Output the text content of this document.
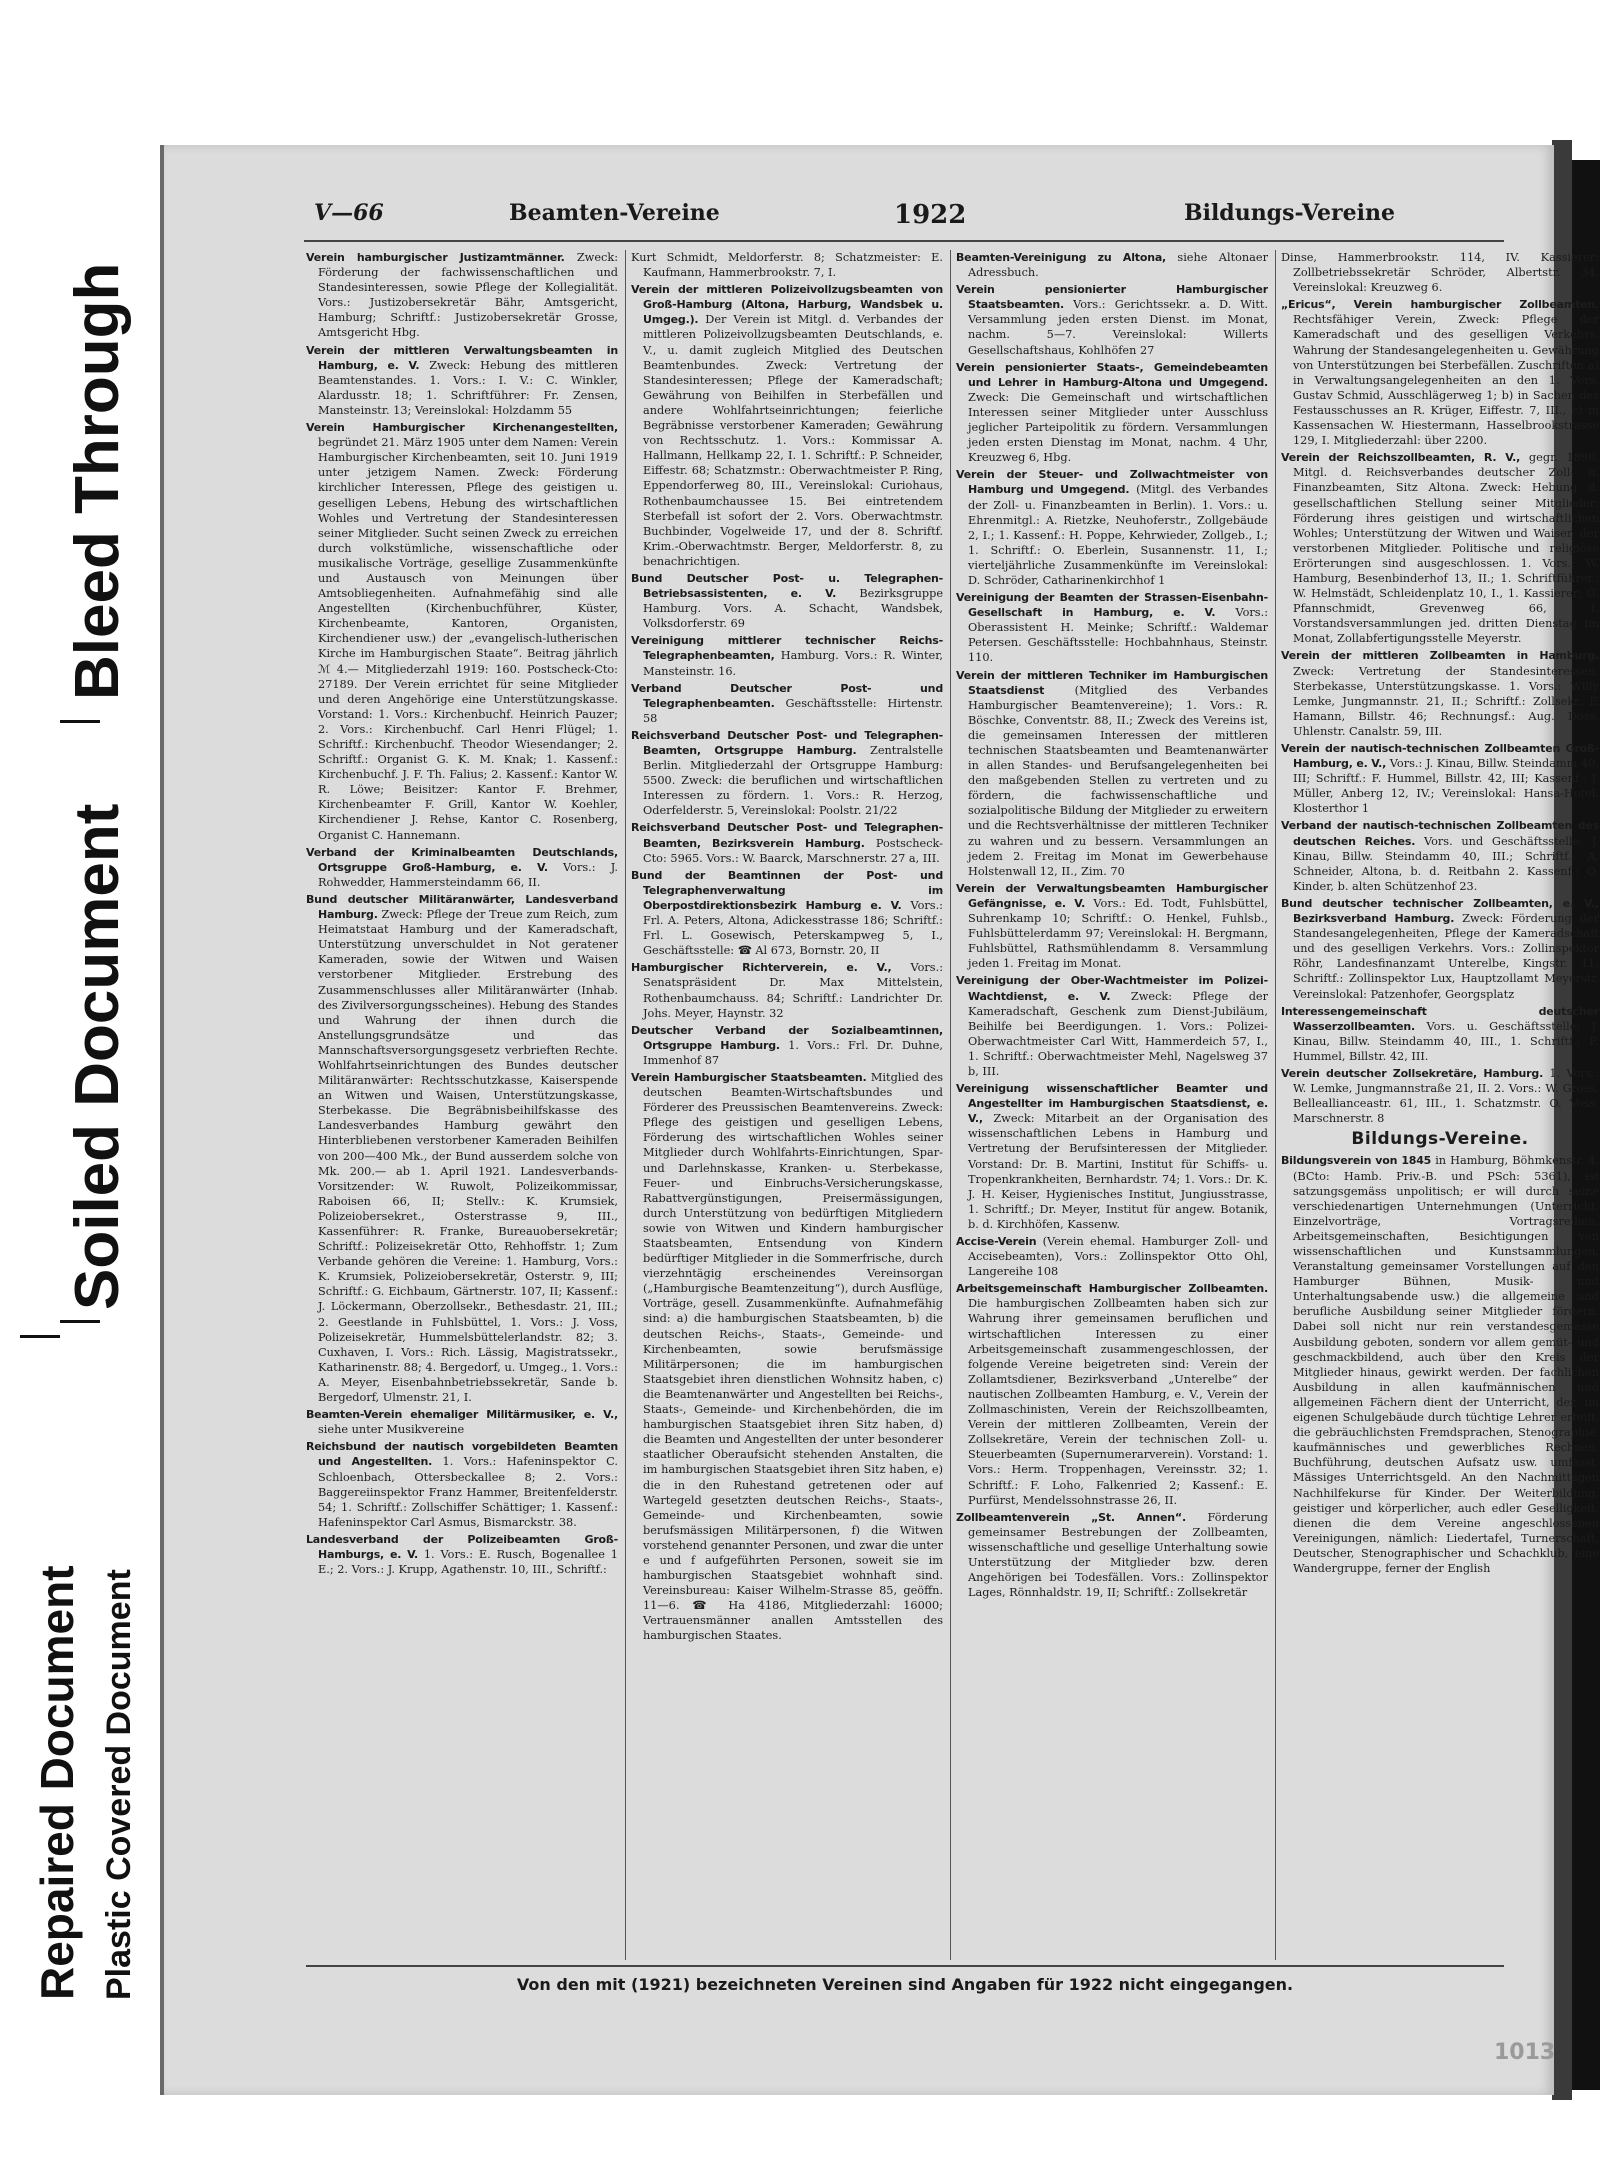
Bleed Through
Soiled Document
Repaired Document Plastic Covered Document
V—66	Beamten-Vereine	1922	Bildungs-Vereine
Verein hamburgischer Justizamtmänner. Zweck: Förderung der fachwissenschaftlichen und Standesinteressen, sowie Pflege der Kollegialität. Vors.: Justizobersekretär Bähr, Amtsgericht, Hamburg; Schriftf.: Justizobersekretär Grosse, Amtsgericht Hbg.
Verein der mittleren Verwaltungsbeamten in Hamburg, e. V. Zweck: Hebung des mittleren Beamtenstandes. 1. Vors.: I. V.: C. Winkler, Alardusstr. 18; 1. Schriftführer: Fr. Zensen, Mansteinstr. 13; Vereinslokal: Holzdamm 55
Verein Hamburgischer Kirchenangestellten, begründet 21. März 1905 unter dem Namen: Verein Hamburgischer Kirchenbeamten, seit 10. Juni 1919 unter jetzigem Namen. Zweck: Förderung kirchlicher Interessen, Pflege des geistigen u. geselligen Lebens, Hebung des wirtschaftlichen Wohles und Vertretung der Standesinteressen seiner Mitglieder. Sucht seinen Zweck zu erreichen durch volkstümliche, wissenschaftliche oder musikalische Vorträge, gesellige Zusammenkünfte und Austausch von Meinungen über Amtsobliegenheiten. Aufnahmefähig sind alle Angestellten (Kirchenbuchführer, Küster, Kirchenbeamte, Kantoren, Organisten, Kirchendiener usw.) der „evangelisch-lutherischen Kirche im Hamburgischen Staate“. Beitrag jährlich ℳ 4.— Mitgliederzahl 1919: 160. Postscheck-Cto: 27189. Der Verein errichtet für seine Mitglieder und deren Angehörige eine Unterstützungskasse. Vorstand: 1. Vors.: Kirchenbuchf. Heinrich Pauzer; 2. Vors.: Kirchenbuchf. Carl Henri Flügel; 1. Schriftf.: Kirchenbuchf. Theodor Wiesendanger; 2. Schriftf.: Organist G. K. M. Knak; 1. Kassenf.: Kirchenbuchf. J. F. Th. Falius; 2. Kassenf.: Kantor W. R. Löwe; Beisitzer: Kantor F. Brehmer, Kirchenbeamter F. Grill, Kantor W. Koehler, Kirchendiener J. Rehse, Kantor C. Rosenberg, Organist C. Hannemann.
Verband der Kriminalbeamten Deutschlands, Ortsgruppe Groß-Hamburg, e. V. Vors.: J. Rohwedder, Hammersteindamm 66, II.
Bund deutscher Militäranwärter, Landesverband Hamburg. Zweck: Pflege der Treue zum Reich, zum Heimatstaat Hamburg und der Kameradschaft, Unterstützung unverschuldet in Not geratener Kameraden, sowie der Witwen und Waisen verstorbener Mitglieder. Erstrebung des Zusammenschlusses aller Militäranwärter (Inhab. des Zivilversorgungsscheines). Hebung des Standes und Wahrung der ihnen durch die Anstellungsgrundsätze und das Mannschaftsversorgungsgesetz verbrieften Rechte. Wohlfahrtseinrichtungen des Bundes deutscher Militäranwärter: Rechtsschutzkasse, Kaiserspende an Witwen und Waisen, Unterstützungskasse, Sterbekasse. Die Begräbnisbeihilfskasse des Landesverbandes Hamburg gewährt den Hinterbliebenen verstorbener Kameraden Beihilfen von 200—400 Mk., der Bund ausserdem solche von Mk. 200.— ab 1. April 1921. Landesverbands-Vorsitzender: W. Ruwolt, Polizeikommissar, Raboisen 66, II; Stellv.: K. Krumsiek, Polizeiobersekret., Osterstrasse 9, III., Kassenführer: R. Franke, Bureauobersekretär; Schriftf.: Polizeisekretär Otto, Rehhoffstr. 1; Zum Verbande gehören die Vereine: 1. Hamburg, Vors.: K. Krumsiek, Polizeiobersekretär, Osterstr. 9, III; Schriftf.: G. Eichbaum, Gärtnerstr. 107, II; Kassenf.: J. Löckermann, Oberzollsekr., Bethesdastr. 21, III.; 2. Geestlande in Fuhlsbüttel, 1. Vors.: J. Voss, Polizeisekretär, Hummelsbüttelerlandstr. 82; 3. Cuxhaven, I. Vors.: Rich. Lässig, Magistratssekr., Katharinenstr. 88; 4. Bergedorf, u. Umgeg., 1. Vors.: A. Meyer, Eisenbahnbetriebssekretär, Sande b. Bergedorf, Ulmenstr. 21, I.
Beamten-Verein ehemaliger Militärmusiker, e. V., siehe unter Musikvereine
Reichsbund der nautisch vorgebildeten Beamten und Angestellten. 1. Vors.: Hafeninspektor C. Schloenbach, Ottersbeckallee 8; 2. Vors.: Baggereiinspektor Franz Hammer, Breitenfelderstr. 54; 1. Schriftf.: Zollschiffer Schättiger; 1. Kassenf.: Hafeninspektor Carl Asmus, Bismarckstr. 38.
Landesverband der Polizeibeamten Groß-Hamburgs, e. V. 1. Vors.: E. Rusch, Bogenallee 1 E.; 2. Vors.: J. Krupp, Agathenstr. 10, III., Schriftf.:
Kurt Schmidt, Meldorferstr. 8; Schatzmeister: E. Kaufmann, Hammerbrookstr. 7, I.
Verein der mittleren Polizeivollzugsbeamten von Groß-Hamburg (Altona, Harburg, Wandsbek u. Umgeg.). Der Verein ist Mitgl. d. Verbandes der mittleren Polizeivollzugsbeamten Deutschlands, e. V., u. damit zugleich Mitglied des Deutschen Beamtenbundes. Zweck: Vertretung der Standesinteressen; Pflege der Kameradschaft; Gewährung von Beihilfen in Sterbefällen und andere Wohlfahrtseinrichtungen; feierliche Begräbnisse verstorbener Kameraden; Gewährung von Rechtsschutz. 1. Vors.: Kommissar A. Hallmann, Hellkamp 22, I. 1. Schriftf.: P. Schneider, Eiffestr. 68; Schatzmstr.: Oberwachtmeister P. Ring, Eppendorferweg 80, III., Vereinslokal: Curiohaus, Rothenbaumchaussee 15. Bei eintretendem Sterbefall ist sofort der 2. Vors. Oberwachtmstr. Buchbinder, Vogelweide 17, und der 8. Schriftf. Krim.-Oberwachtmstr. Berger, Meldorferstr. 8, zu benachrichtigen.
Bund Deutscher Post- u. Telegraphen-Betriebsassistenten, e. V. Bezirksgruppe Hamburg. Vors. A. Schacht, Wandsbek, Volksdorferstr. 69
Vereinigung mittlerer technischer Reichs-Telegraphenbeamten, Hamburg. Vors.: R. Winter, Mansteinstr. 16.
Verband Deutscher Post- und Telegraphenbeamten. Geschäftsstelle: Hirtenstr. 58
Reichsverband Deutscher Post- und Telegraphen-Beamten, Ortsgruppe Hamburg. Zentralstelle Berlin. Mitgliederzahl der Ortsgruppe Hamburg: 5500. Zweck: die beruflichen und wirtschaftlichen Interessen zu fördern. 1. Vors.: R. Herzog, Oderfelderstr. 5, Vereinslokal: Poolstr. 21/22
Reichsverband Deutscher Post- und Telegraphen-Beamten, Bezirksverein Hamburg. Postscheck-Cto: 5965. Vors.: W. Baarck, Marschnerstr. 27 a, III.
Bund der Beamtinnen der Post- und Telegraphenverwaltung im Oberpostdirektionsbezirk Hamburg e. V. Vors.: Frl. A. Peters, Altona, Adickesstrasse 186; Schriftf.: Frl. L. Gosewisch, Peterskampweg 5, I., Geschäftsstelle: ☎ Al 673, Bornstr. 20, II
Hamburgischer Richterverein, e. V., Vors.: Senatspräsident Dr. Max Mittelstein, Rothenbaumchauss. 84; Schriftf.: Landrichter Dr. Johs. Meyer, Haynstr. 32
Deutscher Verband der Sozialbeamtinnen, Ortsgruppe Hamburg. 1. Vors.: Frl. Dr. Duhne, Immenhof 87
Verein Hamburgischer Staatsbeamten. Mitglied des deutschen Beamten-Wirtschaftsbundes und Förderer des Preussischen Beamtenvereins. Zweck: Pflege des geistigen und geselligen Lebens, Förderung des wirtschaftlichen Wohles seiner Mitglieder durch Wohlfahrts-Einrichtungen, Spar- und Darlehnskasse, Kranken- u. Sterbekasse, Feuer- und Einbruchs-Versicherungskasse, Rabattvergünstigungen, Preisermässigungen, durch Unterstützung von bedürftigen Mitgliedern sowie von Witwen und Kindern hamburgischer Staatsbeamten, Entsendung von Kindern bedürftiger Mitglieder in die Sommerfrische, durch vierzehntägig erscheinendes Vereinsorgan („Hamburgische Beamtenzeitung“), durch Ausflüge, Vorträge, gesell. Zusammenkünfte. Aufnahmefähig sind: a) die hamburgischen Staatsbeamten, b) die deutschen Reichs-, Staats-, Gemeinde- und Kirchenbeamten, sowie berufsmässige Militärpersonen; die im hamburgischen Staatsgebiet ihren dienstlichen Wohnsitz haben, c) die Beamtenanwärter und Angestellten bei Reichs-, Staats-, Gemeinde- und Kirchenbehörden, die im hamburgischen Staatsgebiet ihren Sitz haben, d) die Beamten und Angestellten der unter besonderer staatlicher Oberaufsicht stehenden Anstalten, die im hamburgischen Staatsgebiet ihren Sitz haben, e) die in den Ruhestand getretenen oder auf Wartegeld gesetzten deutschen Reichs-, Staats-, Gemeinde- und Kirchenbeamten, sowie berufsmässigen Militärpersonen, f) die Witwen vorstehend genannter Personen, und zwar die unter e und f aufgeführten Personen, soweit sie im hamburgischen Staatsgebiet wohnhaft sind. Vereinsbureau: Kaiser Wilhelm-Strasse 85, geöffn. 11—6. ☎ Ha 4186, Mitgliederzahl: 16000; Vertrauensmänner anallen Amtsstellen des hamburgischen Staates.
Beamten-Vereinigung zu Altona, siehe Altonaer Adressbuch.
Verein pensionierter Hamburgischer Staatsbeamten. Vors.: Gerichtssekr. a. D. Witt. Versammlung jeden ersten Dienst. im Monat, nachm. 5—7. Vereinslokal: Willerts Gesellschaftshaus, Kohlhöfen 27
Verein pensionierter Staats-, Gemeindebeamten und Lehrer in Hamburg-Altona und Umgegend. Zweck: Die Gemeinschaft und wirtschaftlichen Interessen seiner Mitglieder unter Ausschluss jeglicher Parteipolitik zu fördern. Versammlungen jeden ersten Dienstag im Monat, nachm. 4 Uhr, Kreuzweg 6, Hbg.
Verein der Steuer- und Zollwachtmeister von Hamburg und Umgegend. (Mitgl. des Verbandes der Zoll- u. Finanzbeamten in Berlin). 1. Vors.: u. Ehrenmitgl.: A. Rietzke, Neuhoferstr., Zollgebäude 2, I.; 1. Kassenf.: H. Poppe, Kehrwieder, Zollgeb., I.; 1. Schriftf.: O. Eberlein, Susannenstr. 11, I.; vierteljährliche Zusammenkünfte im Vereinslokal: D. Schröder, Catharinenkirchhof 1
Vereinigung der Beamten der Strassen-Eisenbahn-Gesellschaft in Hamburg, e. V. Vors.: Oberassistent H. Meinke; Schriftf.: Waldemar Petersen. Geschäftsstelle: Hochbahnhaus, Steinstr. 110.
Verein der mittleren Techniker im Hamburgischen Staatsdienst	(Mitglied des Verbandes Hamburgischer Beamtenvereine); 1. Vors.: R. Böschke, Conventstr. 88, II.; Zweck des Vereins ist, die gemeinsamen Interessen der mittleren technischen Staatsbeamten und Beamtenanwärter in allen Standes- und Berufsangelegenheiten bei den maßgebenden Stellen zu vertreten und zu fördern, die fachwissenschaftliche und sozialpolitische Bildung der Mitglieder zu erweitern und die Rechtsverhältnisse der mittleren Techniker zu wahren und zu bessern. Versammlungen an jedem 2. Freitag im Monat im Gewerbehause Holstenwall 12, II., Zim. 70
Verein der Verwaltungsbeamten Hamburgischer Gefängnisse, e. V. Vors.: Ed. Todt, Fuhlsbüttel, Suhrenkamp 10; Schriftf.: O. Henkel, Fuhlsb., Fuhlsbüttelerdamm 97; Vereinslokal: H. Bergmann, Fuhlsbüttel, Rathsmühlendamm 8. Versammlung jeden 1. Freitag im Monat.
Vereinigung der Ober-Wachtmeister im Polizei-Wachtdienst, e. V. Zweck: Pflege der Kameradschaft, Geschenk zum Dienst-Jubiläum, Beihilfe bei Beerdigungen. 1. Vors.: Polizei-Oberwachtmeister Carl Witt, Hammerdeich 57, I., 1. Schriftf.: Oberwachtmeister Mehl, Nagelsweg 37 b, III.
Vereinigung wissenschaftlicher Beamter und Angestellter im Hamburgischen Staatsdienst, e. V., Zweck: Mitarbeit an der Organisation des wissenschaftlichen Lebens in Hamburg und Vertretung der Berufsinteressen der Mitglieder. Vorstand: Dr. B. Martini, Institut für Schiffs- u. Tropenkrankheiten, Bernhardstr. 74; 1. Vors.: Dr. K. J. H. Keiser, Hygienisches Institut, Jungiusstrasse, 1. Schriftf.; Dr. Meyer, Institut für angew. Botanik, b. d. Kirchhöfen, Kassenw.
Accise-Verein (Verein ehemal. Hamburger Zoll- und Accisebeamten), Vors.: Zollinspektor Otto Ohl, Langereihe 108
Arbeitsgemeinschaft Hamburgischer Zollbeamten. Die hamburgischen Zollbeamten haben sich zur Wahrung ihrer gemeinsamen beruflichen und wirtschaftlichen Interessen zu einer Arbeitsgemeinschaft zusammengeschlossen, der folgende Vereine beigetreten sind: Verein der Zollamtsdiener, Bezirksverband „Unterelbe“ der nautischen Zollbeamten Hamburg, e. V., Verein der Zollmaschinisten, Verein der Reichszollbeamten, Verein der mittleren Zollbeamten, Verein der Zollsekretäre, Verein der technischen Zoll- u. Steuerbeamten (Supernumerarverein). Vorstand: 1. Vors.: Herm. Troppenhagen, Vereinsstr. 32; 1. Schriftf.: F. Loho, Falkenried 2; Kassenf.: E. Purfürst, Mendelssohnstrasse 26, II.
Zollbeamtenverein „St. Annen“. Förderung gemeinsamer Bestrebungen der Zollbeamten, wissenschaftliche und gesellige Unterhaltung sowie Unterstützung der Mitglieder bzw. deren Angehörigen bei Todesfällen. Vors.: Zollinspektor Lages, Rönnhaldstr. 19, II; Schriftf.: Zollsekretär
Dinse, Hammerbrookstr. 114, IV. Kassierer: Zollbetriebssekretär Schröder, Albertstr. 34, Vereinslokal: Kreuzweg 6.
„Ericus“, Verein hamburgischer Zollbeamten. Rechtsfähiger Verein, Zweck: Pflege der Kameradschaft und des geselligen Verkehrs, Wahrung der Standesangelegenheiten u. Gewährung von Unterstützungen bei Sterbefällen. Zuschriften a) in Verwaltungsangelegenheiten an den 1. Vors. Gustav Schmid, Ausschlägerweg 1; b) in Sachen des Festausschusses an R. Krüger, Eiffestr. 7, III., c) in Kassensachen W. Hiestermann, Hasselbrookstrasse 129, I. Mitgliederzahl: über 2200.
Verein der Reichszollbeamten, R. V., gegr. 1898. Mitgl. d. Reichsverbandes deutscher Zoll- u. Finanzbeamten, Sitz Altona. Zweck: Hebung d. gesellschaftlichen Stellung seiner Mitglieder; Förderung ihres geistigen und wirtschaftlichen Wohles; Unterstützung der Witwen und Waisen der verstorbenen Mitglieder. Politische und religiöse Erörterungen sind ausgeschlossen. 1. Vors.: W. Hamburg, Besenbinderhof 13, II.; 1. Schriftführer.: W. Helmstädt, Schleidenplatz 10, I., 1. Kassierer: G. Pfannschmidt, Grevenweg 66, I. Vorstandsversammlungen jed. dritten Dienstag im Monat, Zollabfertigungsstelle Meyerstr.
Verein der mittleren Zollbeamten in Hamburg. Zweck: Vertretung der Standesinteressen, Sterbekasse, Unterstützungskasse. 1. Vors.: Willy Lemke, Jungmannstr. 21, II.; Schriftf.: Zollsekr. F. Hamann, Billstr. 46; Rechnungsf.: Aug. Doss, Uhlenstr. Canalstr. 59, III.
Verein der nautisch-technischen Zollbeamten Groß-Hamburg, e. V., Vors.: J. Kinau, Billw. Steindamm 40, III; Schriftf.: F. Hummel, Billstr. 42, III; Kassenf.: J. Müller, Anberg 12, IV.; Vereinslokal: Hansa-Hotel, Klosterthor 1
Verband der nautisch-technischen Zollbeamten des deutschen Reiches. Vors. und Geschäftsstelle: J. Kinau, Billw. Steindamm 40, III.; Schriftf.: A. Schneider, Altona, b. d. Reitbahn 2. Kassenf.: O. Kinder, b. alten Schützenhof 23.
Bund deutscher technischer Zollbeamten, e. V., Bezirksverband Hamburg. Zweck: Förderung der Standesangelegenheiten, Pflege der Kameradschaft und des geselligen Verkehrs. Vors.: Zollinspektor Röhr, Landesfinanzamt Unterelbe, Kingstr. 11; Schriftf.: Zollinspektor Lux, Hauptzollamt Meyerstr. Vereinslokal: Patzenhofer, Georgsplatz
Interessengemeinschaft deutscher Wasserzollbeamten. Vors. u. Geschäftsstelle: J. Kinau, Billw. Steindamm 40, III., 1. Schriftf.: F. Hummel, Billstr. 42, III.
Verein deutscher Zollsekretäre, Hamburg. 1. Vors.: W. Lemke, Jungmannstraße 21, II. 2. Vors.: W. Gross, Belleallianceastr. 61, III., 1. Schatzmstr. O. Voss, Marschnerstr. 8
Bildungs-Vereine.
Bildungsverein von 1845 in Hamburg, Böhmkenstr. 4, (BCto: Hamb. Priv.-B. und PSch: 5361), ist satzungsgemäss unpolitisch; er will durch seine verschiedenartigen Unternehmungen (Unterricht, Einzelvorträge, Vortragsreihen, Arbeitsgemeinschaften, Besichtigungen von wissenschaftlichen und Kunstsammlungen, Veranstaltung gemeinsamer Vorstellungen auf den Hamburger Bühnen, Musik- und Unterhaltungsabende usw.) die allgemeine und berufliche Ausbildung seiner Mitglieder fördern. Dabei soll nicht nur rein verstandesgemässe Ausbildung geboten, sondern vor allem gemüt- und geschmackbildend, auch über den Kreis der Mitglieder hinaus, gewirkt werden. Der fachlichen Ausbildung in allen kaufmännischen und allgemeinen Fächern dient der Unterricht, der, im eigenen Schulgebäude durch tüchtige Lehrer erteilt, die gebräuchlichsten Fremdsprachen, Stenographie, kaufmännisches und gewerbliches Rechnen, Buchführung, deutschen Aufsatz usw. umfasst. Mässiges Unterrichtsgeld. An den Nachmittagen Nachhilfekurse für Kinder. Der Weiterbildung, geistiger und körperlicher, auch edler Geselligkeit, dienen die dem Vereine angeschlossenen Vereinigungen, nämlich: Liedertafel, Turnerschaft, Deutscher, Stenographischer und Schachklub, eine Wandergruppe, ferner der English
Von den mit (1921) bezeichneten Vereinen sind Angaben für 1922 nicht eingegangen.
1013
